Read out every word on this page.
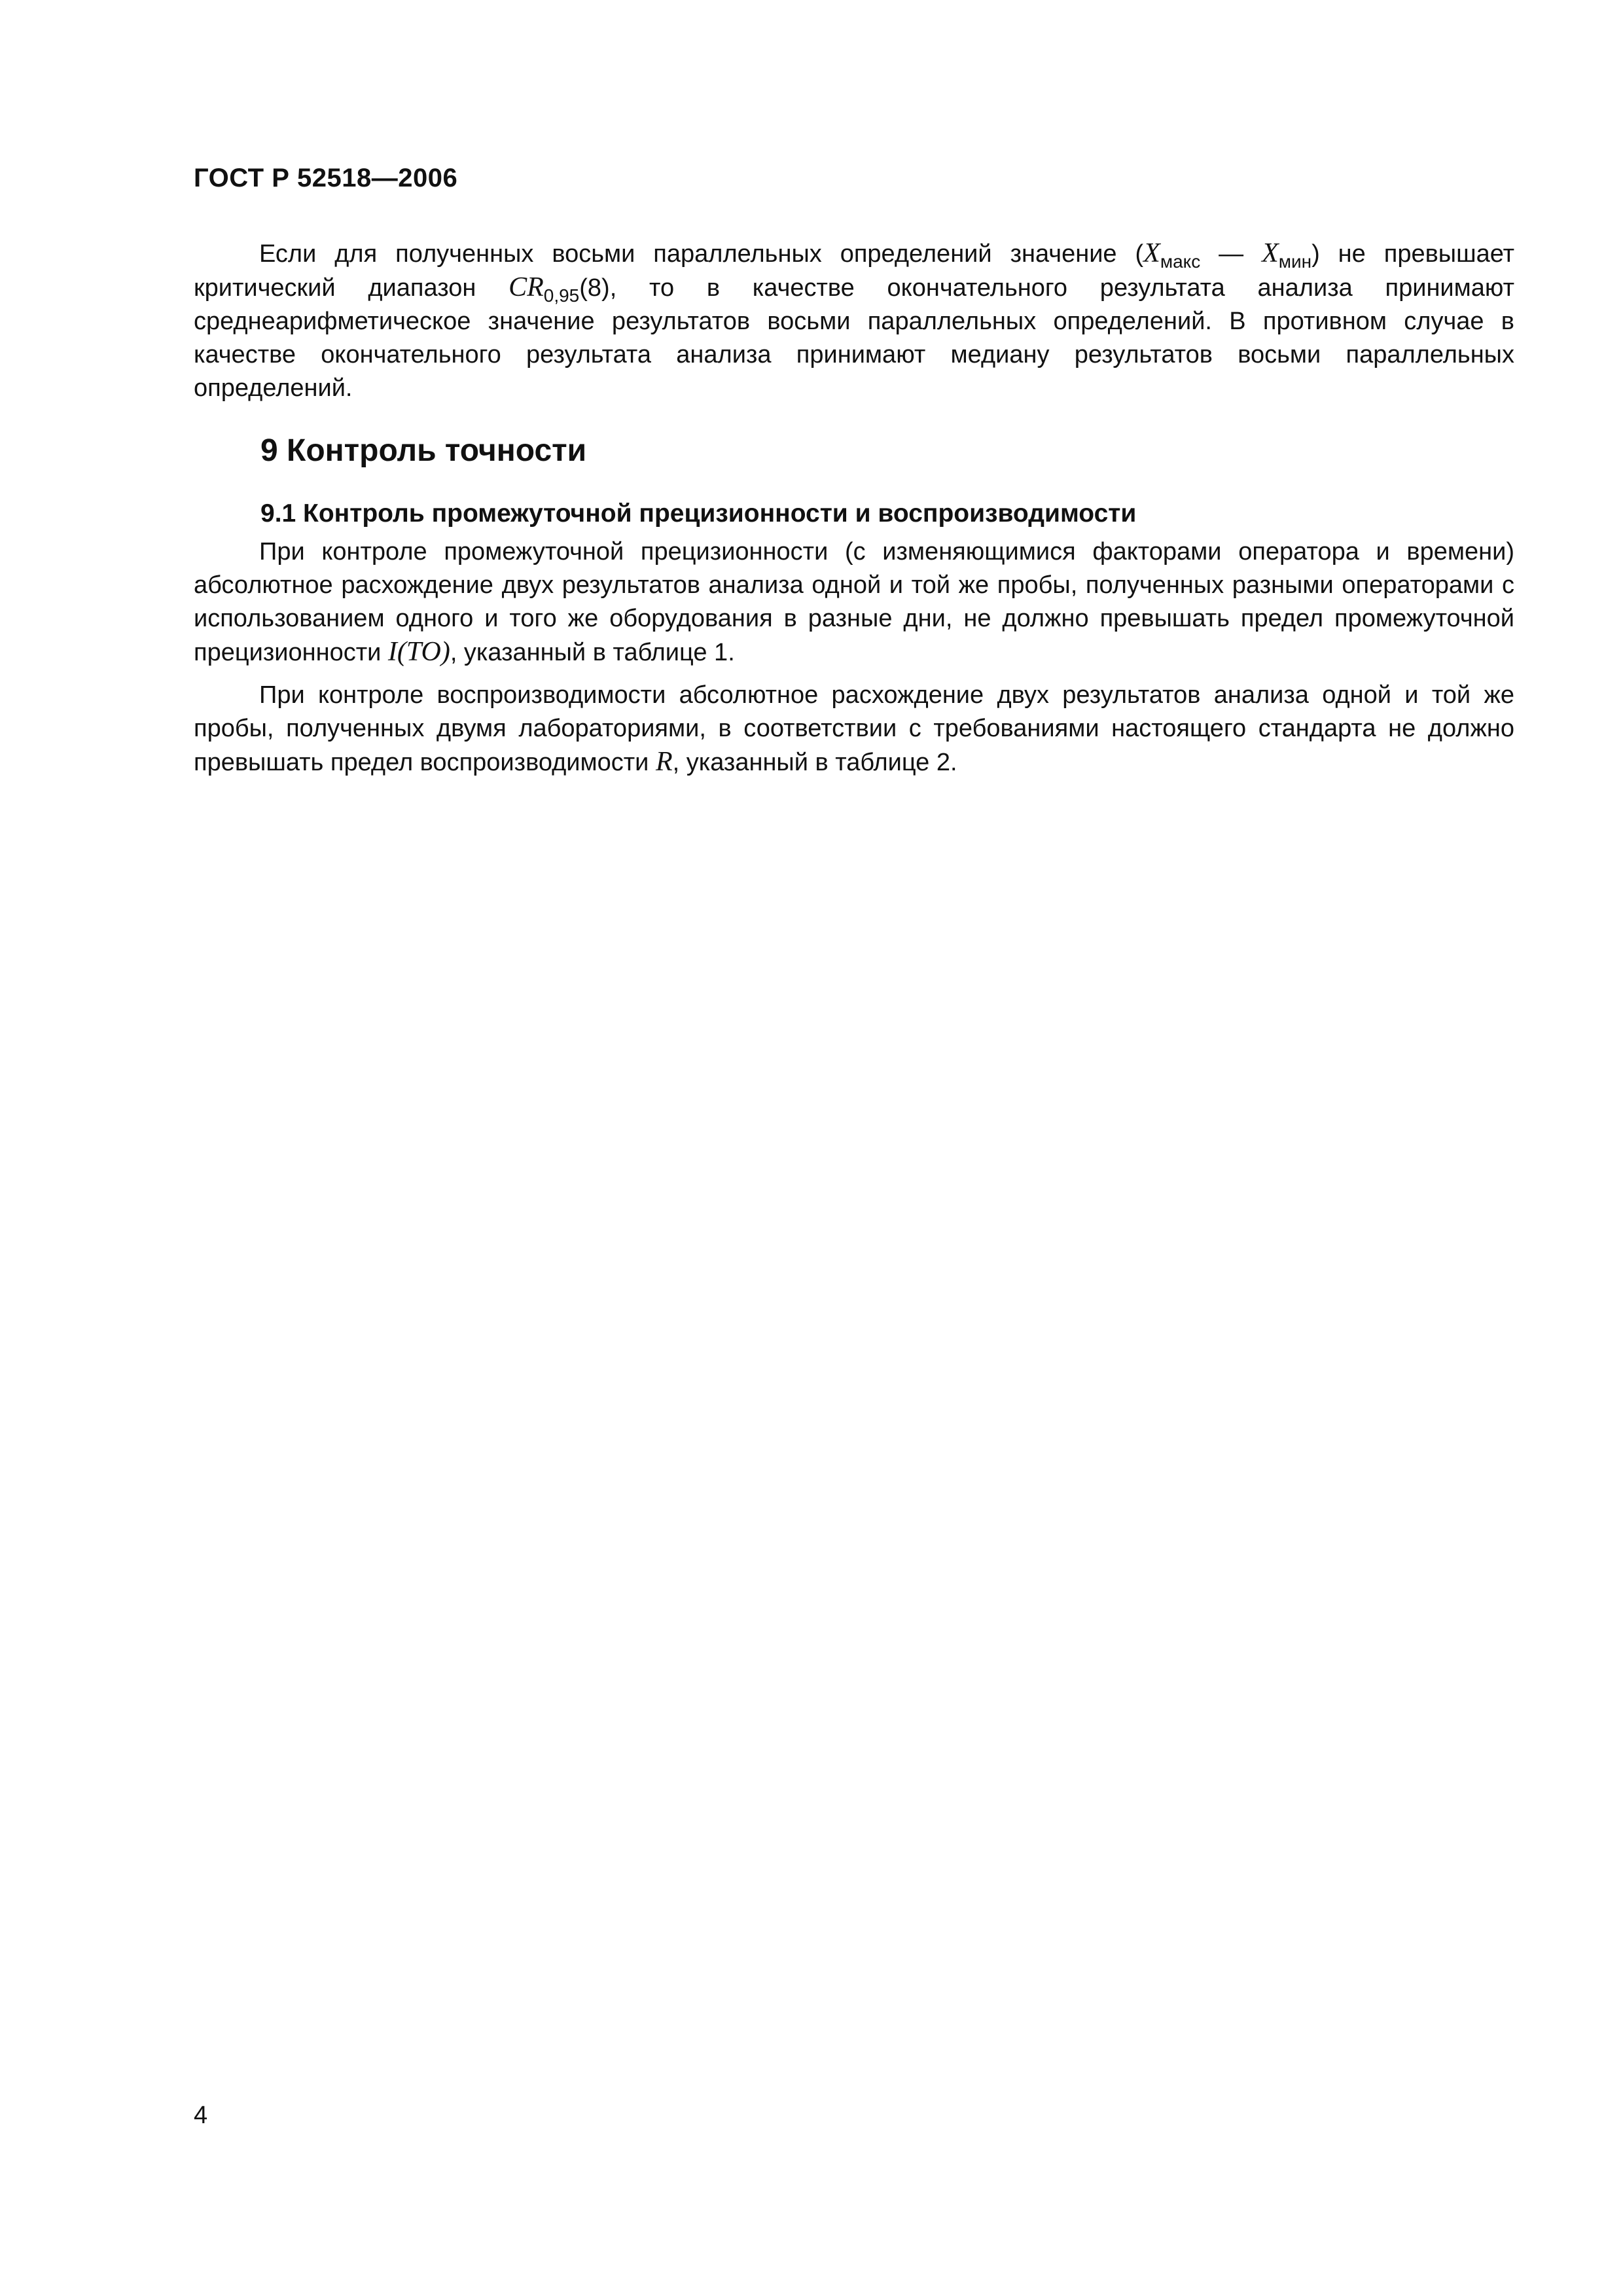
ГОСТ Р 52518—2006

Если для полученных восьми параллельных определений значение ($X_{макс}$ — $X_{мин}$) не превышает критический диапазон $CR_{0,95}(8)$, то в качестве окончательного результата анализа принимают среднеарифметическое значение результатов восьми параллельных определений. В противном случае в качестве окончательного результата анализа принимают медиану результатов восьми параллельных определений.

9 Контроль точности
9.1 Контроль промежуточной прецизионности и воспроизводимости

При контроле промежуточной прецизионности (с изменяющимися факторами оператора и времени) абсолютное расхождение двух результатов анализа одной и той же пробы, полученных разными операторами с использованием одного и того же оборудования в разные дни, не должно превышать предел промежуточной прецизионности I(TO), указанный в таблице 1.

При контроле воспроизводимости абсолютное расхождение двух результатов анализа одной и той же пробы, полученных двумя лабораториями, в соответствии с требованиями настоящего стандарта не должно превышать предел воспроизводимости R, указанный в таблице 2.

4
